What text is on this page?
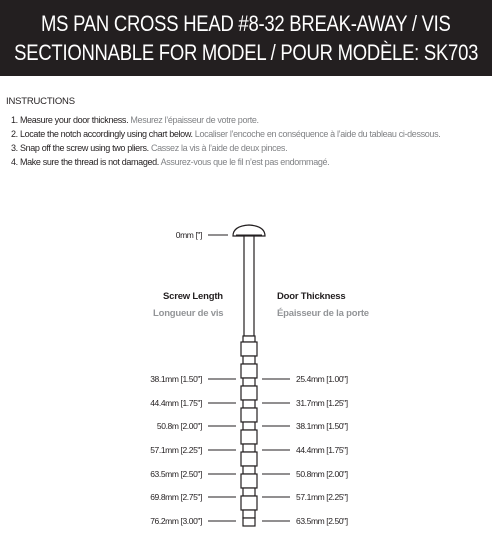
MS PAN CROSS HEAD #8-32 BREAK-AWAY / VIS
SECTIONNABLE FOR MODEL / POUR MODÈLE: SK703
INSTRUCTIONS
1. Measure your door thickness. Mesurez l’épaisseur de votre porte.
2. Locate the notch accordingly using chart below. Localiser l’encoche en conséquence à l’aide du tableau ci-dessous.
3. Snap off the screw using two pliers. Cassez la vis à l’aide de deux pinces.
4. Make sure the thread is not damaged. Assurez-vous que le fil n’est pas endommagé.
0mm ["]
Screw Length
Longueur de vis
Door Thickness
Épaisseur de la porte
38.1mm [1.50"]	25.4mm [1.00"]
44.4mm [1.75"]	31.7mm [1.25"]
50.8m [2.00"]	38.1mm [1.50"]
57.1mm [2.25"]	44.4mm [1.75"]
63.5mm [2.50"]	50.8mm [2.00"]
69.8mm [2.75"]	57.1mm [2.25"]
76.2mm [3.00"]	63.5mm [2.50"]
